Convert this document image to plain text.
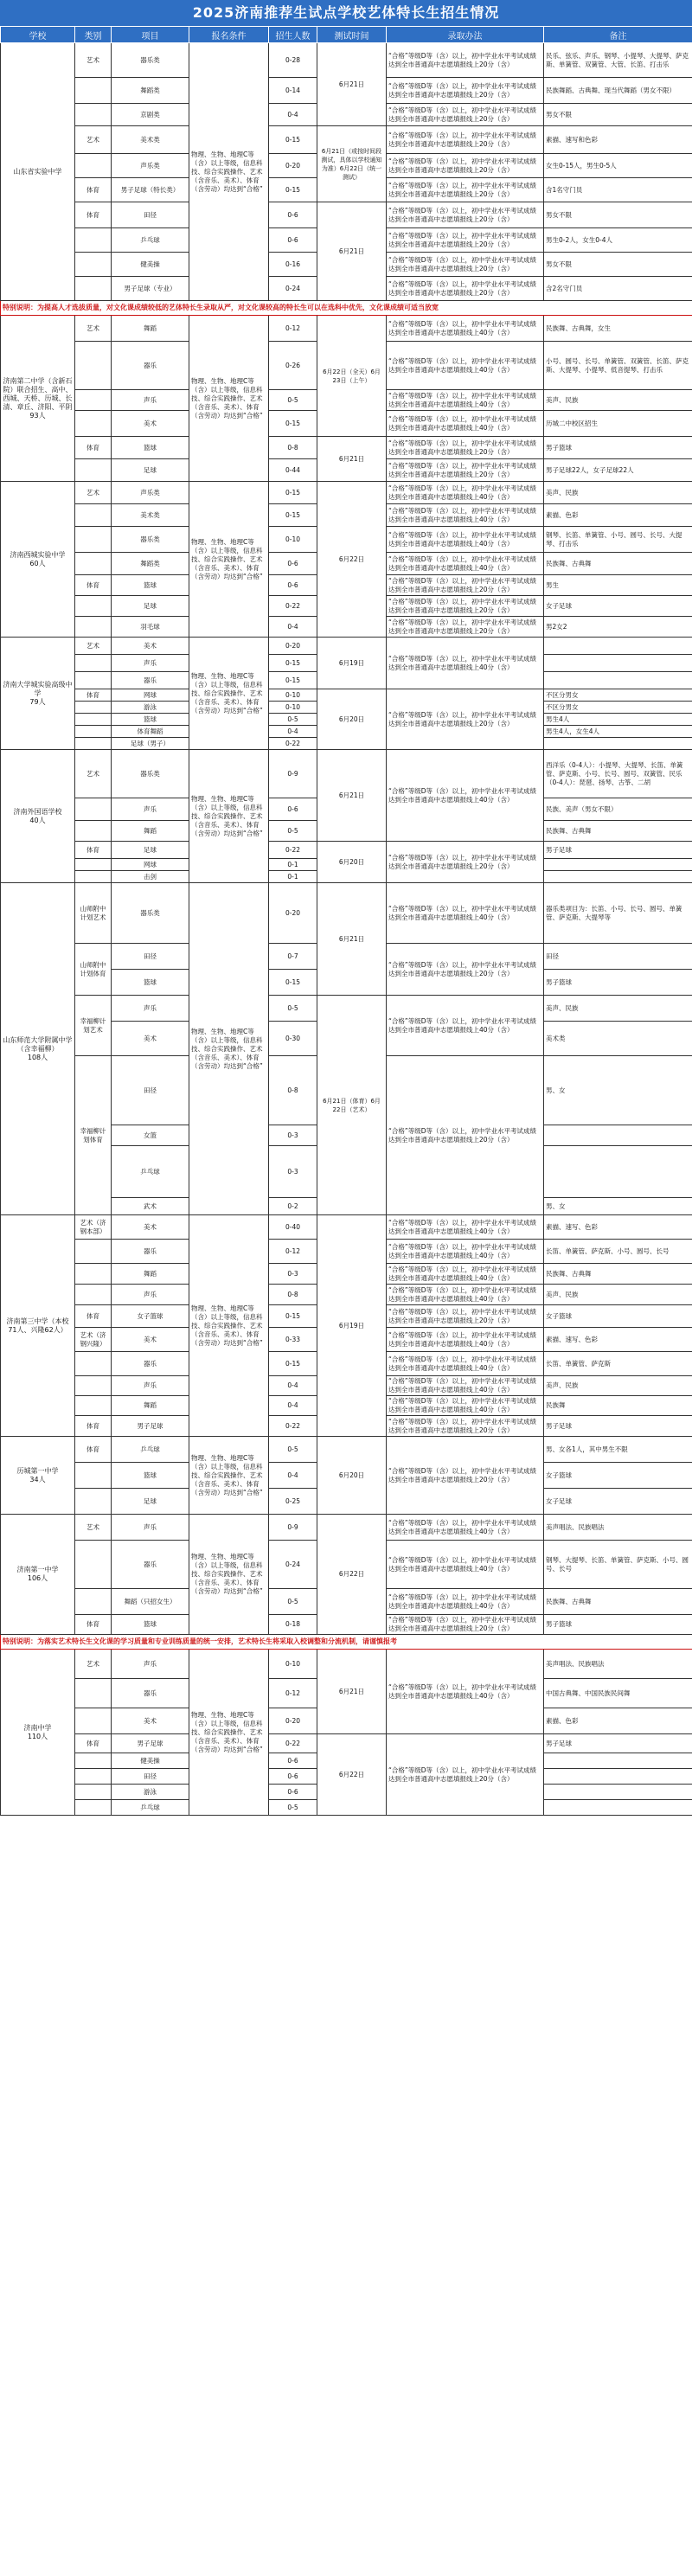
2025济南推荐生试点学校艺体特长生招生情况
学校	类别	项目	报名条件	招生人数	测试时间	录取办法	备注
山东省实验中学	艺术	器乐类	物理、生物、地理C等（含）以上等级，信息科技、综合实践操作、艺术（含音乐、美术）、体育（含劳动）均达到“合格”	0-28	6月21日	“合格”等级D等（含）以上，初中学业水平考试成绩达到全市普通高中志愿填报线上20分（含）	民乐、弦乐、声乐、钢琴、小提琴、大提琴、萨克斯、单簧管、双簧管、大管、长笛、打击乐
		舞蹈类		0-14		“合格”等级D等（含）以上，初中学业水平考试成绩达到全市普通高中志愿填报线上20分（含）	民族舞蹈、古典舞、现当代舞蹈（男女不限）
		京剧类		0-4		“合格”等级D等（含）以上，初中学业水平考试成绩达到全市普通高中志愿填报线上20分（含）	男女不限
	艺术	美术类		0-15	6月21日（或按时间段测试，具体以学校通知为准）6月22日（统一测试）	“合格”等级D等（含）以上，初中学业水平考试成绩达到全市普通高中志愿填报线上20分（含）	素描、速写和色彩
		声乐类		0-20		“合格”等级D等（含）以上，初中学业水平考试成绩达到全市普通高中志愿填报线上20分（含）	女生0-15人，男生0-5人
	体育	男子足球（特长类）		0-15		“合格”等级D等（含）以上，初中学业水平考试成绩达到全市普通高中志愿填报线上20分（含）	含1名守门员
	体育	田径		0-6	6月21日	“合格”等级D等（含）以上，初中学业水平考试成绩达到全市普通高中志愿填报线上20分（含）	男女不限
		乒乓球		0-6		“合格”等级D等（含）以上，初中学业水平考试成绩达到全市普通高中志愿填报线上20分（含）	男生0-2人，女生0-4人
		健美操		0-16		“合格”等级D等（含）以上，初中学业水平考试成绩达到全市普通高中志愿填报线上20分（含）	男女不限
		男子足球（专业）		0-24		“合格”等级D等（含）以上，初中学业水平考试成绩达到全市普通高中志愿填报线上20分（含）	含2名守门员
特别说明：为提高人才选拔质量，对文化课成绩较低的艺体特长生录取从严，对文化课较高的特长生可以在选科中优先，文化课成绩可适当放宽							
济南第二中学（含新石院）联合招生、高中、西城、天桥、历城、长清、章丘、济阳、平阴
93人	艺术	舞蹈	物理、生物、地理C等（含）以上等级，信息科技、综合实践操作、艺术（含音乐、美术）、体育（含劳动）均达到“合格”	0-12	6月22日（全天）6月23日（上午）	“合格”等级D等（含）以上，初中学业水平考试成绩达到全市普通高中志愿填报线上40分（含）	民族舞、古典舞，女生
		器乐		0-26		“合格”等级D等（含）以上，初中学业水平考试成绩达到全市普通高中志愿填报线上40分（含）	小号、圆号、长号、单簧管、双簧管、长笛、萨克斯、大提琴、小提琴、低音提琴、打击乐
		声乐		0-5		“合格”等级D等（含）以上，初中学业水平考试成绩达到全市普通高中志愿填报线上40分（含）	美声、民族
		美术		0-15		“合格”等级D等（含）以上，初中学业水平考试成绩达到全市普通高中志愿填报线上40分（含）	历城二中校区招生
	体育	篮球		0-8	6月21日	“合格”等级D等（含）以上，初中学业水平考试成绩达到全市普通高中志愿填报线上20分（含）	男子篮球
		足球		0-44		“合格”等级D等（含）以上，初中学业水平考试成绩达到全市普通高中志愿填报线上20分（含）	男子足球22人，女子足球22人
济南西城实验中学
60人	艺术	声乐类	物理、生物、地理C等（含）以上等级，信息科技、综合实践操作、艺术（含音乐、美术）、体育（含劳动）均达到“合格”	0-15	6月22日	“合格”等级D等（含）以上，初中学业水平考试成绩达到全市普通高中志愿填报线上40分（含）	美声、民族
		美术类		0-15		“合格”等级D等（含）以上，初中学业水平考试成绩达到全市普通高中志愿填报线上40分（含）	素描、色彩
		器乐类		0-10		“合格”等级D等（含）以上，初中学业水平考试成绩达到全市普通高中志愿填报线上40分（含）	钢琴、长笛、单簧管、小号、圆号、长号、大提琴、打击乐
		舞蹈类		0-6		“合格”等级D等（含）以上，初中学业水平考试成绩达到全市普通高中志愿填报线上40分（含）	民族舞、古典舞
	体育	篮球		0-6		“合格”等级D等（含）以上，初中学业水平考试成绩达到全市普通高中志愿填报线上20分（含）	男生
		足球		0-22		“合格”等级D等（含）以上，初中学业水平考试成绩达到全市普通高中志愿填报线上20分（含）	女子足球
		羽毛球		0-4		“合格”等级D等（含）以上，初中学业水平考试成绩达到全市普通高中志愿填报线上20分（含）	男2女2
济南大学城实验高级中学
79人	艺术	美术	物理、生物、地理C等（含）以上等级，信息科技、综合实践操作、艺术（含音乐、美术）、体育（含劳动）均达到“合格”	0-20	6月19日	“合格”等级D等（含）以上，初中学业水平考试成绩达到全市普通高中志愿填报线上40分（含）	
		声乐		0-15			
		器乐		0-15			
	体育	网球		0-10	6月20日	“合格”等级D等（含）以上，初中学业水平考试成绩达到全市普通高中志愿填报线上20分（含）	不区分男女
		游泳		0-10			不区分男女
		篮球		0-5			男生4人
		体育舞蹈		0-4			男生4人，女生4人
		足球（男子）		0-22			
济南外国语学校
40人	艺术	器乐类	物理、生物、地理C等（含）以上等级，信息科技、综合实践操作、艺术（含音乐、美术）、体育（含劳动）均达到“合格”	0-9	6月21日	“合格”等级D等（含）以上，初中学业水平考试成绩达到全市普通高中志愿填报线上40分（含）	西洋乐（0-4人）：小提琴、大提琴、长笛、单簧管、萨克斯、小号、长号、圆号、双簧管、民乐（0-4人）：琵琶、扬琴、古筝、二胡
		声乐		0-6			民族、美声（男女不限）
		舞蹈		0-5			民族舞、古典舞
	体育	足球		0-22	6月20日	“合格”等级D等（含）以上，初中学业水平考试成绩达到全市普通高中志愿填报线上20分（含）	男子足球
		网球		0-1			
		击剑		0-1			
山东师范大学附属中学（含幸福柳）
108人	山师附中计划艺术	器乐类	物理、生物、地理C等（含）以上等级，信息科技、综合实践操作、艺术（含音乐、美术）、体育（含劳动）均达到“合格”	0-20	6月21日	“合格”等级D等（含）以上，初中学业水平考试成绩达到全市普通高中志愿填报线上40分（含）	器乐类项目为：长笛、小号、长号、圆号、单簧管、萨克斯、大提琴等
	山师附中计划体育	田径		0-7		“合格”等级D等（含）以上，初中学业水平考试成绩达到全市普通高中志愿填报线上20分（含）	田径
		篮球		0-15			男子篮球
	幸福柳计划艺术	声乐		0-5	6月21日（体育）6月22日（艺术）	“合格”等级D等（含）以上，初中学业水平考试成绩达到全市普通高中志愿填报线上40分（含）	美声、民族
		美术		0-30			美术类
	幸福柳计划体育	田径		0-8		“合格”等级D等（含）以上，初中学业水平考试成绩达到全市普通高中志愿填报线上20分（含）	男、女
		女篮		0-3			
		乒乓球		0-3			
		武术		0-2			男、女
济南第三中学（本校71人、兴隆62人）	艺术（济钢本部）	美术	物理、生物、地理C等（含）以上等级，信息科技、综合实践操作、艺术（含音乐、美术）、体育（含劳动）均达到“合格”	0-40	6月19日	“合格”等级D等（含）以上，初中学业水平考试成绩达到全市普通高中志愿填报线上40分（含）	素描、速写、色彩
		器乐		0-12		“合格”等级D等（含）以上，初中学业水平考试成绩达到全市普通高中志愿填报线上40分（含）	长笛、单簧管、萨克斯、小号、圆号、长号
		舞蹈		0-3		“合格”等级D等（含）以上，初中学业水平考试成绩达到全市普通高中志愿填报线上40分（含）	民族舞、古典舞
		声乐		0-8		“合格”等级D等（含）以上，初中学业水平考试成绩达到全市普通高中志愿填报线上40分（含）	美声、民族
	体育	女子篮球		0-15		“合格”等级D等（含）以上，初中学业水平考试成绩达到全市普通高中志愿填报线上20分（含）	女子篮球
	艺术（济钢兴隆）	美术		0-33		“合格”等级D等（含）以上，初中学业水平考试成绩达到全市普通高中志愿填报线上40分（含）	素描、速写、色彩
		器乐		0-15		“合格”等级D等（含）以上，初中学业水平考试成绩达到全市普通高中志愿填报线上40分（含）	长笛、单簧管、萨克斯
		声乐		0-4		“合格”等级D等（含）以上，初中学业水平考试成绩达到全市普通高中志愿填报线上40分（含）	美声、民族
		舞蹈		0-4		“合格”等级D等（含）以上，初中学业水平考试成绩达到全市普通高中志愿填报线上40分（含）	民族舞
	体育	男子足球		0-22		“合格”等级D等（含）以上，初中学业水平考试成绩达到全市普通高中志愿填报线上20分（含）	男子足球
历城第一中学
34人	体育	乒乓球	物理、生物、地理C等（含）以上等级，信息科技、综合实践操作、艺术（含音乐、美术）、体育（含劳动）均达到“合格”	0-5	6月20日	“合格”等级D等（含）以上，初中学业水平考试成绩达到全市普通高中志愿填报线上20分（含）	男、女各1人，其中男生不限
		篮球		0-4			女子篮球
		足球		0-25			女子足球
济南第一中学
106人	艺术	声乐	物理、生物、地理C等（含）以上等级，信息科技、综合实践操作、艺术（含音乐、美术）、体育（含劳动）均达到“合格”	0-9	6月22日	“合格”等级D等（含）以上，初中学业水平考试成绩达到全市普通高中志愿填报线上40分（含）	美声唱法、民族唱法
		器乐		0-24		“合格”等级D等（含）以上，初中学业水平考试成绩达到全市普通高中志愿填报线上40分（含）	钢琴、大提琴、长笛、单簧管、萨克斯、小号、圆号、长号
		舞蹈（只招女生）		0-5		“合格”等级D等（含）以上，初中学业水平考试成绩达到全市普通高中志愿填报线上40分（含）	民族舞、古典舞
	体育	篮球		0-18		“合格”等级D等（含）以上，初中学业水平考试成绩达到全市普通高中志愿填报线上20分（含）	男子篮球
特别说明：为落实艺术特长生文化课的学习质量和专业训练质量的统一安排，艺术特长生将采取入校调整和分流机制，请谨慎报考							
济南中学
110人	艺术	声乐	物理、生物、地理C等（含）以上等级，信息科技、综合实践操作、艺术（含音乐、美术）、体育（含劳动）均达到“合格”	0-10	6月21日	“合格”等级D等（含）以上，初中学业水平考试成绩达到全市普通高中志愿填报线上40分（含）	美声唱法、民族唱法
		器乐		0-12			中国古典舞、中国民族民间舞
		美术		0-20			素描、色彩
	体育	男子足球		0-22	6月22日	“合格”等级D等（含）以上，初中学业水平考试成绩达到全市普通高中志愿填报线上20分（含）	男子足球
		健美操		0-6			
		田径		0-6			
		游泳		0-6			
		乒乓球		0-5			
